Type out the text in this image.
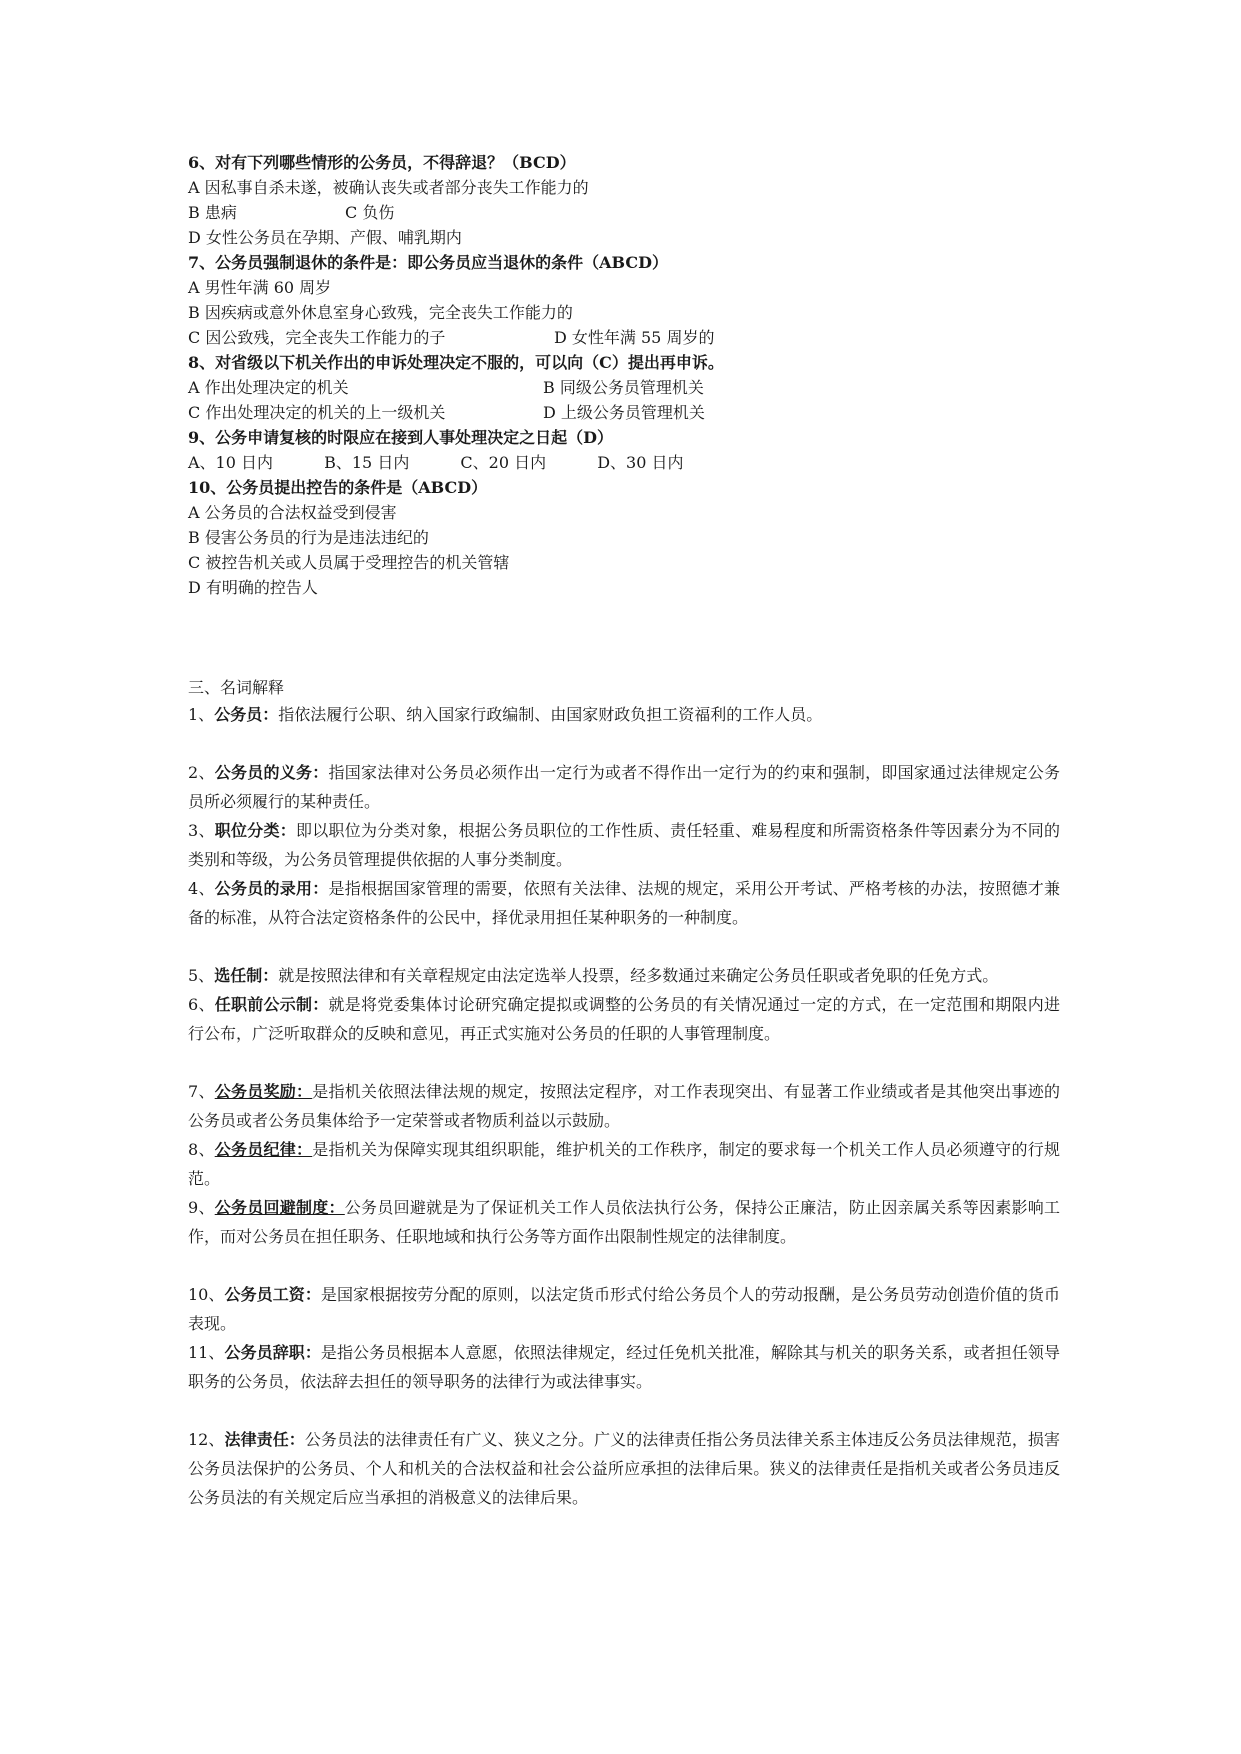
6、对有下列哪些情形的公务员，不得辞退？（BCD）
A 因私事自杀未遂，被确认丧失或者部分丧失工作能力的
B 患病	C 负伤
D 女性公务员在孕期、产假、哺乳期内
7、公务员强制退休的条件是：即公务员应当退休的条件（ABCD）
A 男性年满 60 周岁
B 因疾病或意外休息室身心致残，完全丧失工作能力的
C 因公致残，完全丧失工作能力的子	D 女性年满 55 周岁的
8、对省级以下机关作出的申诉处理决定不服的，可以向（C）提出再申诉。
A 作出处理决定的机关	B 同级公务员管理机关
C 作出处理决定的机关的上一级机关	D 上级公务员管理机关
9、公务申请复核的时限应在接到人事处理决定之日起（D）
A、10 日内	B、15 日内	C、20 日内	D、30 日内
10、公务员提出控告的条件是（ABCD）
A 公务员的合法权益受到侵害
B 侵害公务员的行为是违法违纪的
C 被控告机关或人员属于受理控告的机关管辖
D 有明确的控告人
三、名词解释
1、公务员：指依法履行公职、纳入国家行政编制、由国家财政负担工资福利的工作人员。
2、公务员的义务：指国家法律对公务员必须作出一定行为或者不得作出一定行为的约束和强制，即国家通过法律规定公务员所必须履行的某种责任。
3、职位分类：即以职位为分类对象，根据公务员职位的工作性质、责任轻重、难易程度和所需资格条件等因素分为不同的类别和等级，为公务员管理提供依据的人事分类制度。
4、公务员的录用：是指根据国家管理的需要，依照有关法律、法规的规定，采用公开考试、严格考核的办法，按照德才兼备的标准，从符合法定资格条件的公民中，择优录用担任某种职务的一种制度。
5、选任制：就是按照法律和有关章程规定由法定选举人投票，经多数通过来确定公务员任职或者免职的任免方式。
6、任职前公示制：就是将党委集体讨论研究确定提拟或调整的公务员的有关情况通过一定的方式，在一定范围和期限内进行公布，广泛听取群众的反映和意见，再正式实施对公务员的任职的人事管理制度。
7、公务员奖励：是指机关依照法律法规的规定，按照法定程序，对工作表现突出、有显著工作业绩或者是其他突出事迹的公务员或者公务员集体给予一定荣誉或者物质利益以示鼓励。
8、公务员纪律：是指机关为保障实现其组织职能，维护机关的工作秩序，制定的要求每一个机关工作人员必须遵守的行规范。
9、公务员回避制度：公务员回避就是为了保证机关工作人员依法执行公务，保持公正廉洁，防止因亲属关系等因素影响工作，而对公务员在担任职务、任职地域和执行公务等方面作出限制性规定的法律制度。
10、公务员工资：是国家根据按劳分配的原则，以法定货币形式付给公务员个人的劳动报酬，是公务员劳动创造价值的货币表现。
11、公务员辞职：是指公务员根据本人意愿，依照法律规定，经过任免机关批准，解除其与机关的职务关系，或者担任领导职务的公务员，依法辞去担任的领导职务的法律行为或法律事实。
12、法律责任：公务员法的法律责任有广义、狭义之分。广义的法律责任指公务员法律关系主体违反公务员法律规范，损害公务员法保护的公务员、个人和机关的合法权益和社会公益所应承担的法律后果。狭义的法律责任是指机关或者公务员违反公务员法的有关规定后应当承担的消极意义的法律后果。
